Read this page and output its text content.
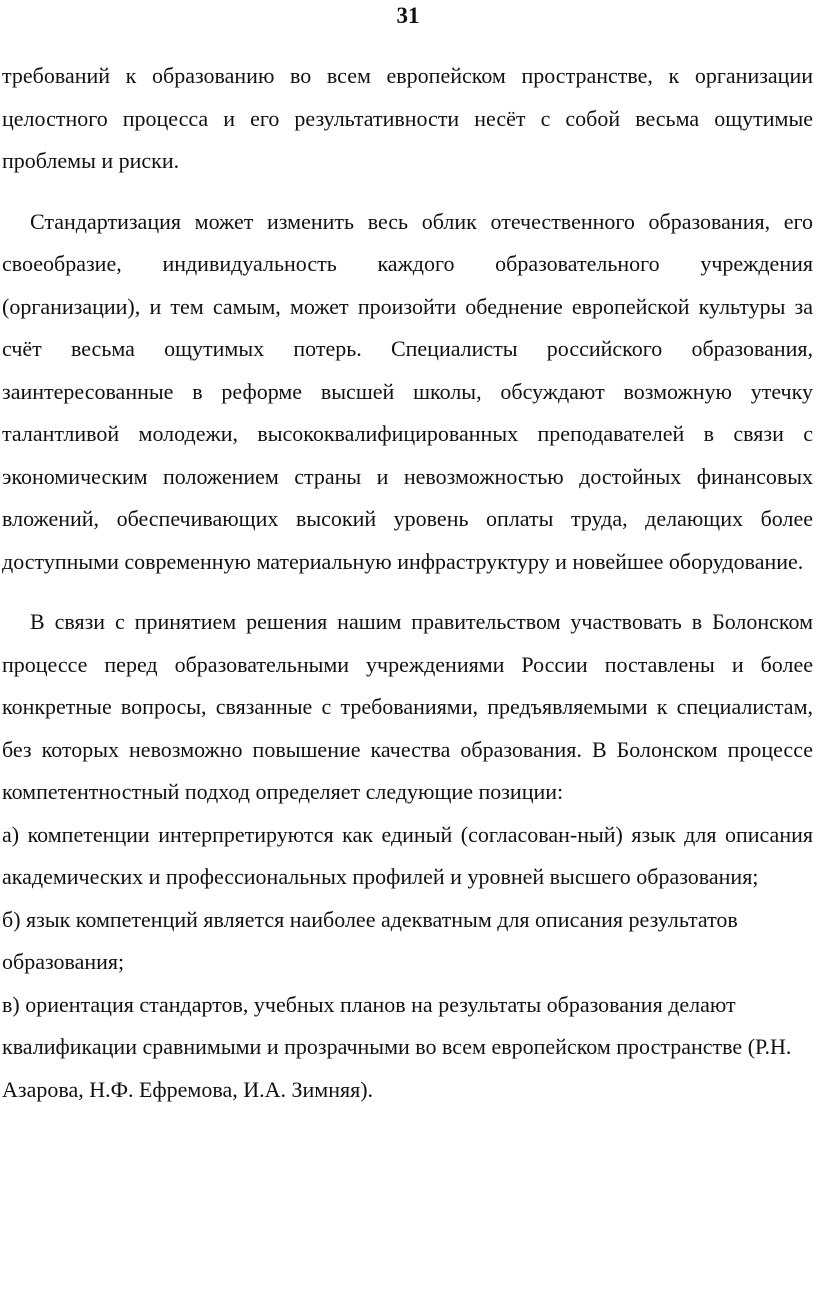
31

требований к образованию во всем европейском пространстве, к организации целостного процесса и его результативности несёт с собой весьма ощутимые проблемы и риски.

Стандартизация может изменить весь облик отечественного образования, его своеобразие, индивидуальность каждого образовательного учреждения (организации), и тем самым, может произойти обеднение европейской культуры за счёт весьма ощутимых потерь. Специалисты российского образования, заинтересованные в реформе высшей школы, обсуждают возможную утечку талантливой молодежи, высококвалифицированных преподавателей в связи с экономическим положением страны и невозможностью достойных финансовых вложений, обеспечивающих высокий уровень оплаты труда, делающих более доступными современную материальную инфраструктуру и новейшее оборудование.

В связи с принятием решения нашим правительством участвовать в Болонском процессе перед образовательными учреждениями России поставлены и более конкретные вопросы, связанные с требованиями, предъявляемыми к специалистам, без которых невозможно повышение качества образования. В Болонском процессе компетентностный подход определяет следующие позиции:

а) компетенции интерпретируются как единый (согласован-ный) язык для описания академических и профессиональных профилей и уровней высшего образования;

б) язык компетенций является наиболее адекватным для описания результатов образования;

в) ориентация стандартов, учебных планов на результаты образования делают квалификации сравнимыми и прозрачными во всем европейском пространстве (Р.Н. Азарова, Н.Ф. Ефремова, И.А. Зимняя).
